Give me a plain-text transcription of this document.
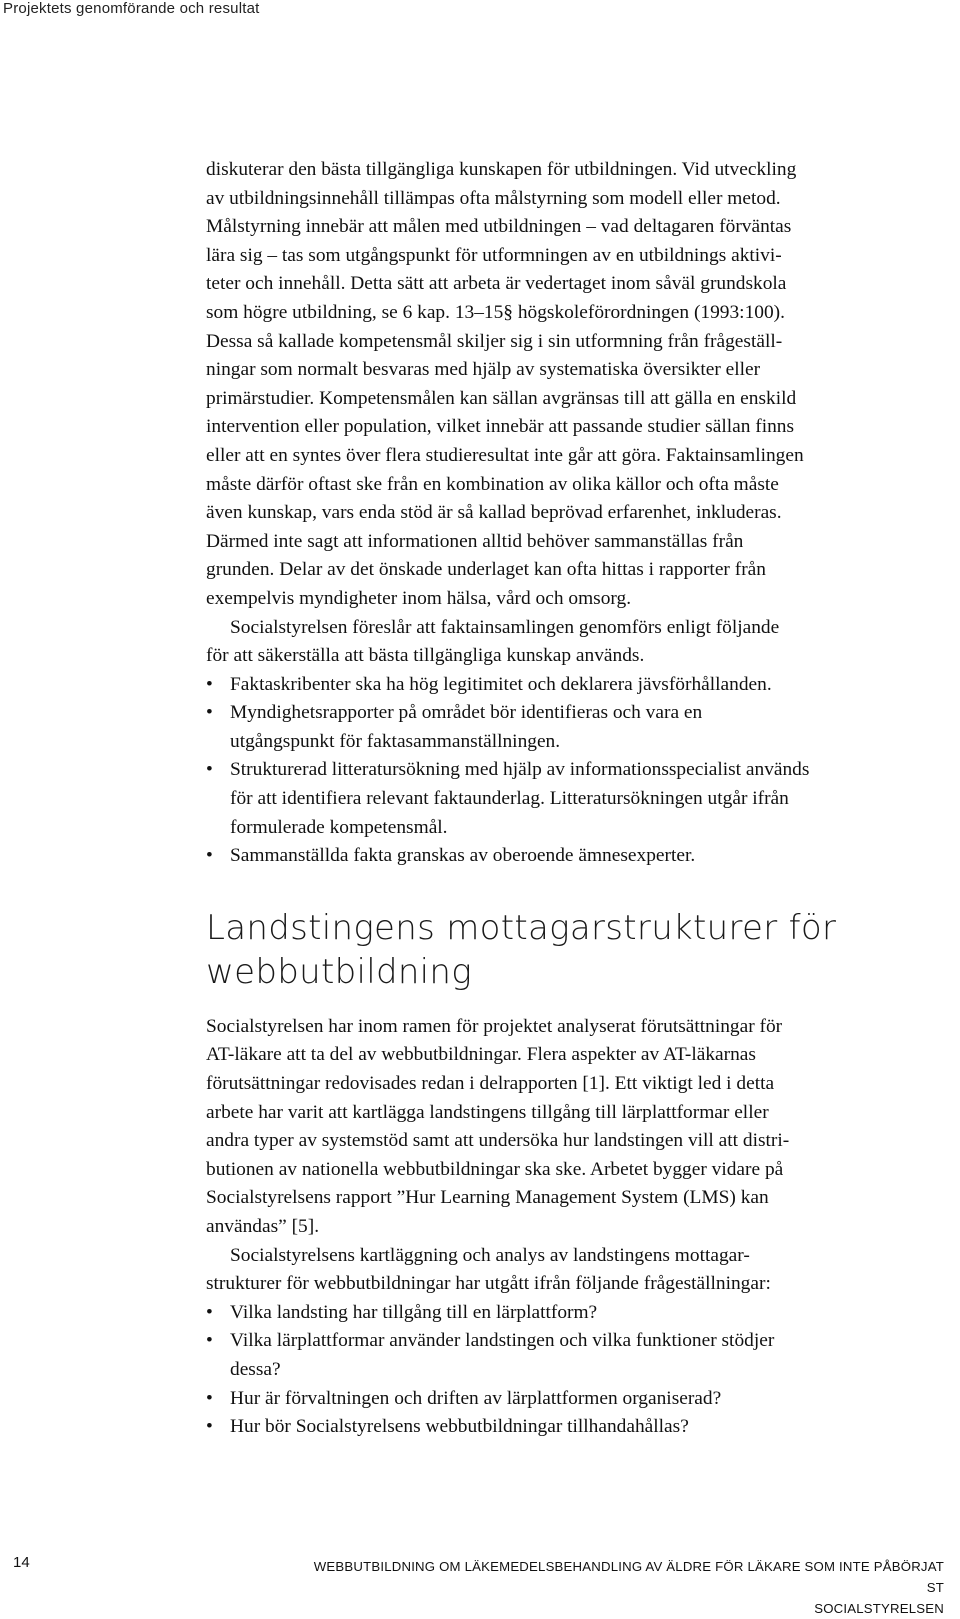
Projektets genomförande och resultat

diskuterar den bästa tillgängliga kunskapen för utbildningen. Vid utveckling
av utbildningsinnehåll tillämpas ofta målstyrning som modell eller metod.
Målstyrning innebär att målen med utbildningen – vad deltagaren förväntas
lära sig – tas som utgångspunkt för utformningen av en utbildnings aktivi-
teter och innehåll. Detta sätt att arbeta är vedertaget inom såväl grundskola
som högre utbildning, se 6 kap. 13–15§ högskoleförordningen (1993:100).
Dessa så kallade kompetensmål skiljer sig i sin utformning från frågeställ-
ningar som normalt besvaras med hjälp av systematiska översikter eller
primärstudier. Kompetensmålen kan sällan avgränsas till att gälla en enskild
intervention eller population, vilket innebär att passande studier sällan finns
eller att en syntes över flera studieresultat inte går att göra. Faktainsamlingen
måste därför oftast ske från en kombination av olika källor och ofta måste
även kunskap, vars enda stöd är så kallad beprövad erfarenhet, inkluderas.
Därmed inte sagt att informationen alltid behöver sammanställas från
grunden. Delar av det önskade underlaget kan ofta hittas i rapporter från
exempelvis myndigheter inom hälsa, vård och omsorg.

Socialstyrelsen föreslår att faktainsamlingen genomförs enligt följande
för att säkerställa att bästa tillgängliga kunskap används.

• Faktaskribenter ska ha hög legitimitet och deklarera jävsförhållanden.
• Myndighetsrapporter på området bör identifieras och vara en
utgångspunkt för faktasammanställningen.
• Strukturerad litteratursökning med hjälp av informationsspecialist används
för att identifiera relevant faktaunderlag. Litteratursökningen utgår ifrån
formulerade kompetensmål.
• Sammanställda fakta granskas av oberoende ämnesexperter.
Landstingens mottagarstrukturer för
webbutbildning

Socialstyrelsen har inom ramen för projektet analyserat förutsättningar för
AT-läkare att ta del av webbutbildningar. Flera aspekter av AT-läkarnas
förutsättningar redovisades redan i delrapporten [1]. Ett viktigt led i detta
arbete har varit att kartlägga landstingens tillgång till lärplattformar eller
andra typer av systemstöd samt att undersöka hur landstingen vill att distri-
butionen av nationella webbutbildningar ska ske. Arbetet bygger vidare på
Socialstyrelsens rapport ”Hur Learning Management System (LMS) kan
användas” [5].

Socialstyrelsens kartläggning och analys av landstingens mottagar-
strukturer för webbutbildningar har utgått ifrån följande frågeställningar:

• Vilka landsting har tillgång till en lärplattform?
• Vilka lärplattformar använder landstingen och vilka funktioner stödjer
dessa?
• Hur är förvaltningen och driften av lärplattformen organiserad?
• Hur bör Socialstyrelsens webbutbildningar tillhandahållas?
14	WEBBUTBILDNING OM LÄKEMEDELSBEHANDLING AV ÄLDRE FÖR LÄKARE SOM INTE PÅBÖRJAT ST
SOCIALSTYRELSEN
